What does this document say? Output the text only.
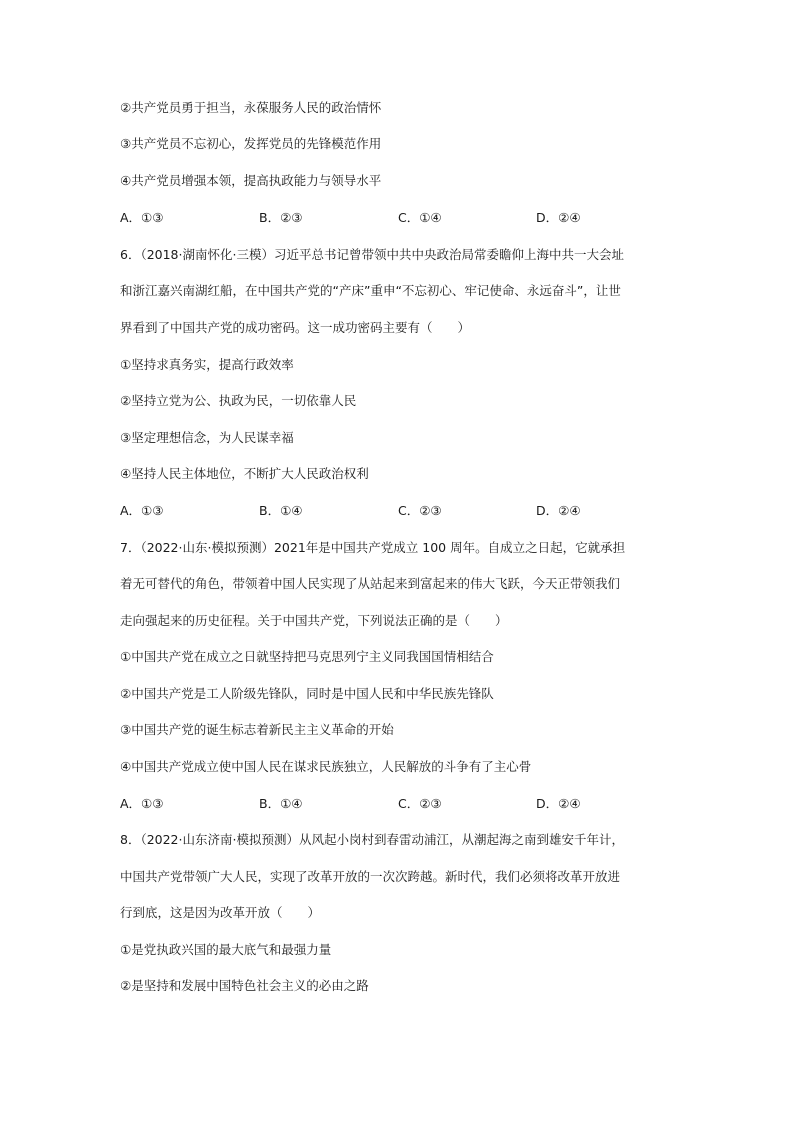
②共产党员勇于担当，永葆服务人民的政治情怀
③共产党员不忘初心，发挥党员的先锋模范作用
④共产党员增强本领，提高执政能力与领导水平
A．①③	B．②③	C．①④	D．②④
6．（2018·湖南怀化·三模）习近平总书记曾带领中共中央政治局常委瞻仰上海中共一大会址
和浙江嘉兴南湖红船，在中国共产党的“产床”重申“不忘初心、牢记使命、永远奋斗”，让世
界看到了中国共产党的成功密码。这一成功密码主要有（　　）
①坚持求真务实，提高行政效率
②坚持立党为公、执政为民，一切依靠人民
③坚定理想信念，为人民谋幸福
④坚持人民主体地位，不断扩大人民政治权利
A．①③	B．①④	C．②③	D．②④
7．（2022·山东·模拟预测）2021年是中国共产党成立 100 周年。自成立之日起，它就承担
着无可替代的角色，带领着中国人民实现了从站起来到富起来的伟大飞跃，今天正带领我们
走向强起来的历史征程。关于中国共产党，下列说法正确的是（　　）
①中国共产党在成立之日就坚持把马克思列宁主义同我国国情相结合
②中国共产党是工人阶级先锋队，同时是中国人民和中华民族先锋队
③中国共产党的诞生标志着新民主主义革命的开始
④中国共产党成立使中国人民在谋求民族独立，人民解放的斗争有了主心骨
A．①③	B．①④	C．②③	D．②④
8．（2022·山东济南·模拟预测）从风起小岗村到春雷动浦江，从潮起海之南到雄安千年计，
中国共产党带领广大人民，实现了改革开放的一次次跨越。新时代，我们必须将改革开放进
行到底，这是因为改革开放（　　）
①是党执政兴国的最大底气和最强力量
②是坚持和发展中国特色社会主义的必由之路
